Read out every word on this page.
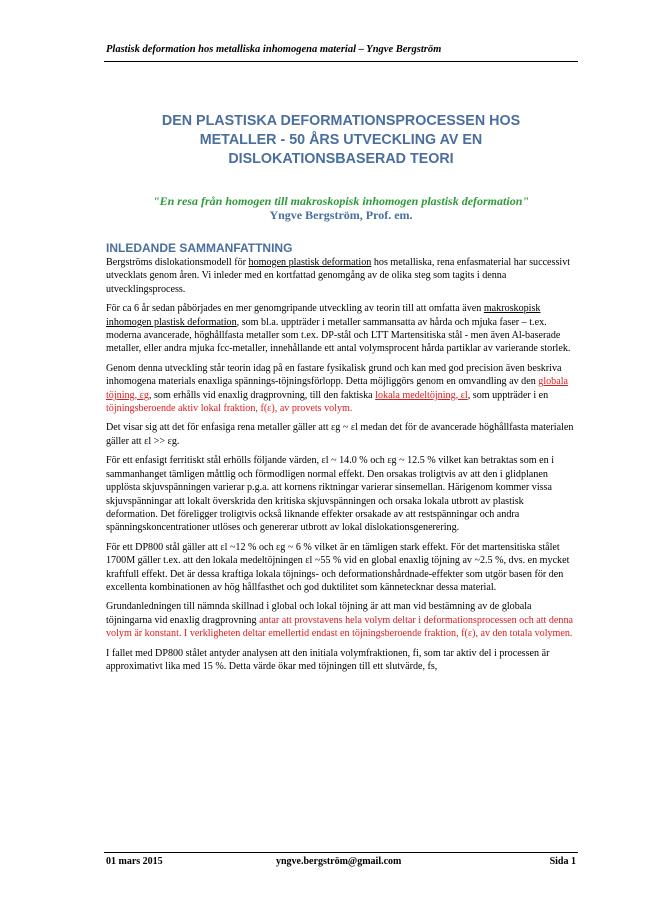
Plastisk deformation hos metalliska inhomogena material – Yngve Bergström
DEN PLASTISKA DEFORMATIONSPROCESSEN HOS
METALLER - 50 ÅRS UTVECKLING AV EN
DISLOKATIONSBASERAD TEORI
"En resa från homogen till makroskopisk inhomogen plastisk deformation"
Yngve Bergström, Prof. em.
INLEDANDE SAMMANFATTNING

Bergströms dislokationsmodell för homogen plastisk deformation hos metalliska, rena enfasmaterial har successivt utvecklats genom åren. Vi inleder med en kortfattad genomgång av de olika steg som tagits i denna utvecklingsprocess.

För ca 6 år sedan påbörjades en mer genomgripande utveckling av teorin till att omfatta även makroskopisk inhomogen plastisk deformation, som bl.a. uppträder i metaller sammansatta av hårda och mjuka faser – t.ex. moderna avancerade, höghållfasta metaller som t.ex. DP-stål och LTT Martensitiska stål - men även Al-baserade metaller, eller andra mjuka fcc-metaller, innehållande ett antal volymsprocent hårda partiklar av varierande storlek.

Genom denna utveckling står teorin idag på en fastare fysikalisk grund och kan med god precision även beskriva inhomogena materials enaxliga spännings-töjningsförlopp. Detta möjliggörs genom en omvandling av den globala töjning, εg, som erhålls vid enaxlig dragprovning, till den faktiska lokala medeltöjning, εl, som uppträder i en töjningsberoende aktiv lokal fraktion, f(ε), av provets volym.

Det visar sig att det för enfasiga rena metaller gäller att εg ~ εl medan det för de avancerade höghållfasta materialen gäller att εl >> εg.

För ett enfasigt ferritiskt stål erhölls följande värden, εl ~ 14.0 % och εg ~ 12.5 % vilket kan betraktas som en i sammanhanget tämligen måttlig och förmodligen normal effekt. Den orsakas troligtvis av att den i glidplanen upplösta skjuvspänningen varierar p.g.a. att kornens riktningar varierar sinsemellan. Härigenom kommer vissa skjuvspänningar att lokalt överskrida den kritiska skjuvspänningen och orsaka lokala utbrott av plastisk deformation. Det föreligger troligtvis också liknande effekter orsakade av att restspänningar och andra spänningskoncentrationer utlöses och genererar utbrott av lokal dislokationsgenerering.

För ett DP800 stål gäller att εl ~12 % och εg ~ 6 % vilket är en tämligen stark effekt. För det martensitiska stålet 1700M gäller t.ex. att den lokala medeltöjningen εl ~55 % vid en global enaxlig töjning av ~2.5 %, dvs. en mycket kraftfull effekt. Det är dessa kraftiga lokala töjnings- och deformationshårdnade-effekter som utgör basen för den excellenta kombinationen av hög hållfasthet och god duktilitet som kännetecknar dessa material.

Grundanledningen till nämnda skillnad i global och lokal töjning är att man vid bestämning av de globala töjningarna vid enaxlig dragprovning antar att provstavens hela volym deltar i deformationsprocessen och att denna volym är konstant. I verkligheten deltar emellertid endast en töjningsberoende fraktion, f(ε), av den totala volymen.

I fallet med DP800 stålet antyder analysen att den initiala volymfraktionen, fi, som tar aktiv del i processen är approximativt lika med 15 %. Detta värde ökar med töjningen till ett slutvärde, fs,

01 mars 2015	yngve.bergström@gmail.com	Sida 1
